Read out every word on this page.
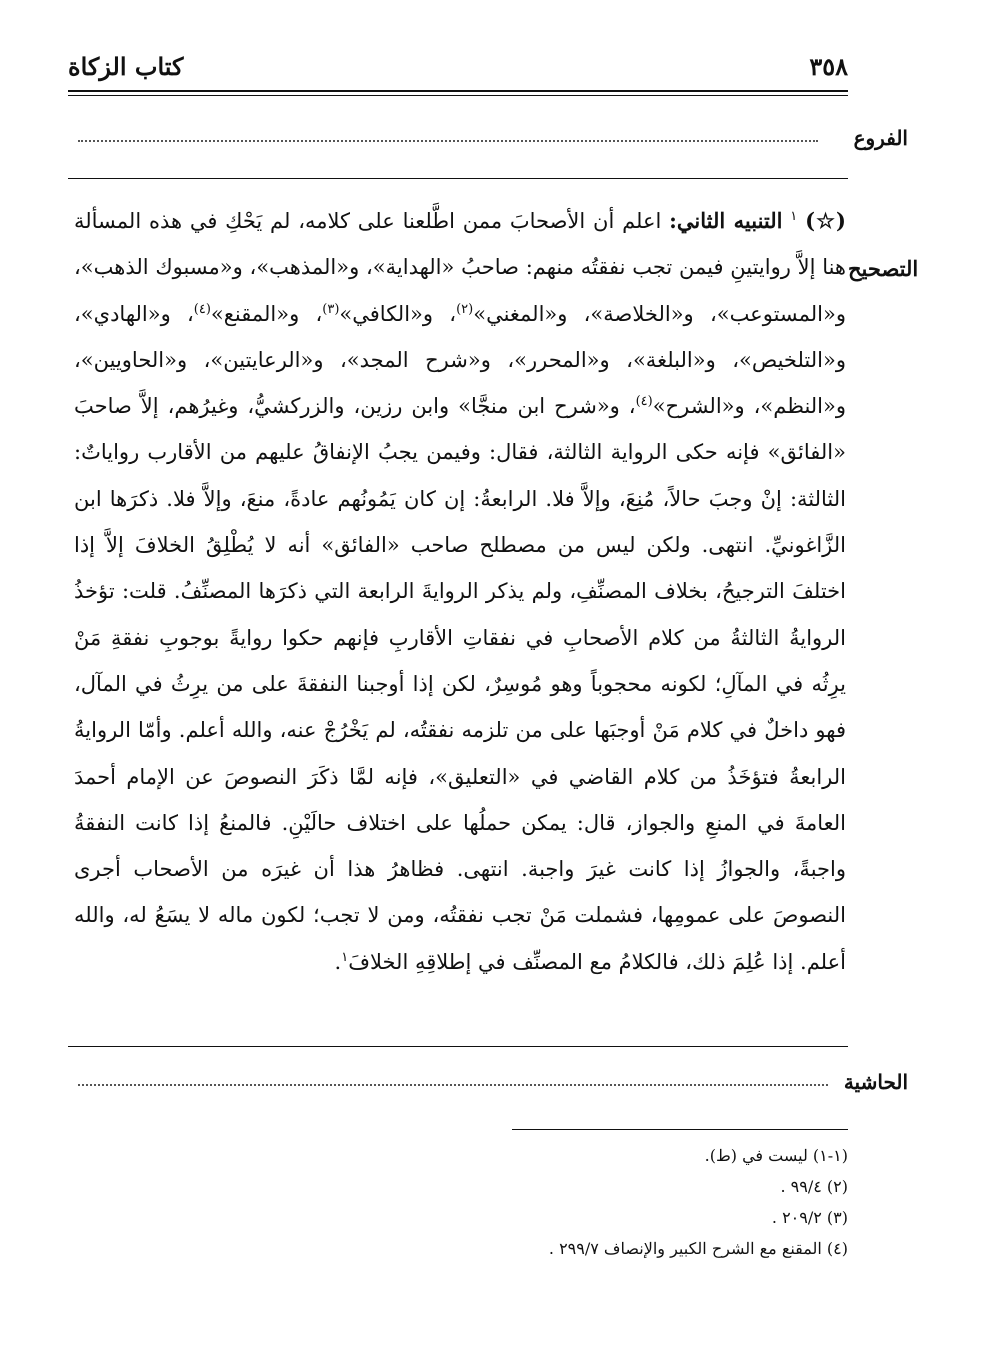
٣٥٨
كتاب الزكاة
الفروع
التصحيح

(☆) $^١$ التنبيه الثاني: اعلم أن الأصحابَ ممن اطَّلعنا على كلامه، لم يَحْكِ في هذه المسألة هنا إلاَّ روايتينِ فيمن تجب نفقتُه منهم: صاحبُ «الهداية»، و«المذهب»، و«مسبوك الذهب»، و«المستوعب»، و«الخلاصة»، و«المغني»$^{(٢)}$، و«الكافي»$^{(٣)}$، و«المقنع»$^{(٤)}$، و«الهادي»، و«التلخيص»، و«البلغة»، و«المحرر»، و«شرح المجد»، و«الرعايتين»، و«الحاويين»، و«النظم»، و«الشرح»$^{(٤)}$، و«شرح ابن منجَّا» وابن رزين، والزركشيُّ، وغيرُهم، إلاَّ صاحبَ «الفائق» فإنه حكى الرواية الثالثة، فقال: وفيمن يجبُ الإنفاقُ عليهم من الأقارب رواياتٌ: الثالثة: إنْ وجبَ حالاً، مُنِعَ، وإلاَّ فلا. الرابعةُ: إن كان يَمُونُهم عادةً، منعَ، وإلاَّ فلا. ذكرَها ابن الزَّاغونيِّ. انتهى. ولكن ليس من مصطلح صاحب «الفائق» أنه لا يُطْلِقُ الخلافَ إلاَّ إذا اختلفَ الترجيحُ، بخلاف المصنِّفِ، ولم يذكر الروايةَ الرابعة التي ذكرَها المصنِّفُ. قلت: تؤخذُ الروايةُ الثالثةُ من كلام الأصحابِ في نفقاتِ الأقاربِ فإنهم حكوا روايةً بوجوبِ نفقةِ مَنْ يرِثُه في المآلِ؛ لكونه محجوباً وهو مُوسِرٌ، لكن إذا أوجبنا النفقةَ على من يرِثُ في المآل، فهو داخلٌ في كلام مَنْ أوجبَها على من تلزمه نفقتُه، لم يَخْرُجْ عنه، والله أعلم. وأمّا الروايةُ الرابعةُ فتؤخَذُ من كلام القاضي في «التعليق»، فإنه لمَّا ذكَرَ النصوصَ عن الإمام أحمدَ العامةَ في المنعِ والجواز، قال: يمكن حملُها على اختلاف حالَيْنِ. فالمنعُ إذا كانت النفقةُ واجبةً، والجوازُ إذا كانت غيرَ واجبة. انتهى. فظاهرُ هذا أن غيرَه من الأصحاب أجرى النصوصَ على عمومِها، فشملت مَنْ تجب نفقتُه، ومن لا تجب؛ لكون ماله لا يسَعُ له، والله أعلم. إذا عُلِمَ ذلك، فالكلامُ مع المصنِّف في إطلاقِهِ الخلافَ$^١$.

الحاشية
(١-١) ليست في (ط).
(٢) ٩٩/٤ .
(٣) ٢٠٩/٢ .
(٤) المقنع مع الشرح الكبير والإنصاف ٢٩٩/٧ .
